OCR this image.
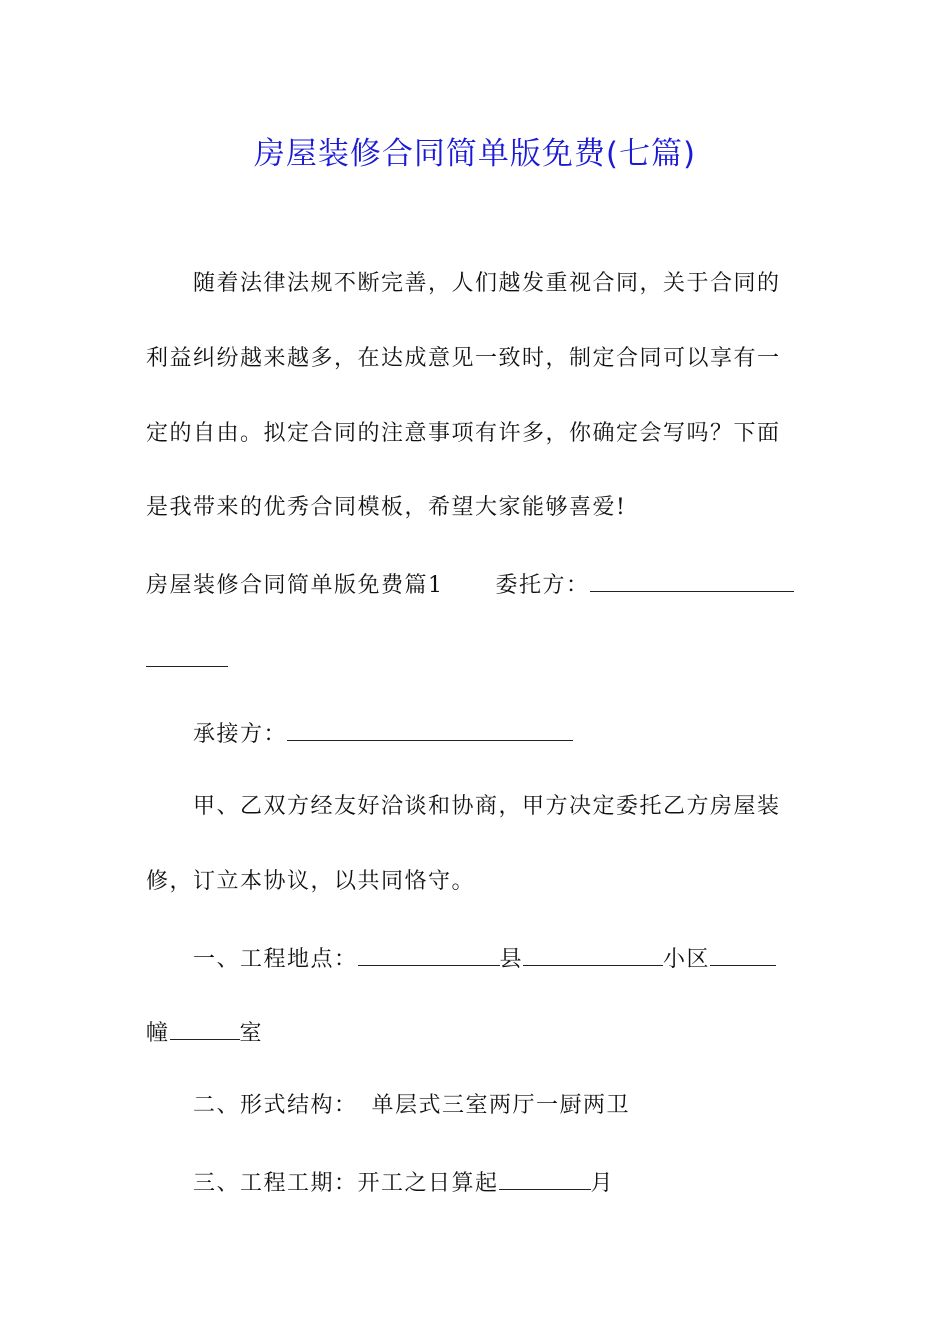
房屋装修合同简单版免费(七篇)
随着法律法规不断完善，人们越发重视合同，关于合同的
利益纠纷越来越多，在达成意见一致时，制定合同可以享有一
定的自由。拟定合同的注意事项有许多，你确定会写吗？下面
是我带来的优秀合同模板，希望大家能够喜爱!
房屋装修合同简单版免费篇1 委托方：
承接方：
甲、乙双方经友好洽谈和协商，甲方决定委托乙方房屋装
修，订立本协议，以共同恪守。
一、工程地点：	县	小区
幢	室
二、形式结构： 单层式三室两厅一厨两卫
三、工程工期：开工之日算起	月
